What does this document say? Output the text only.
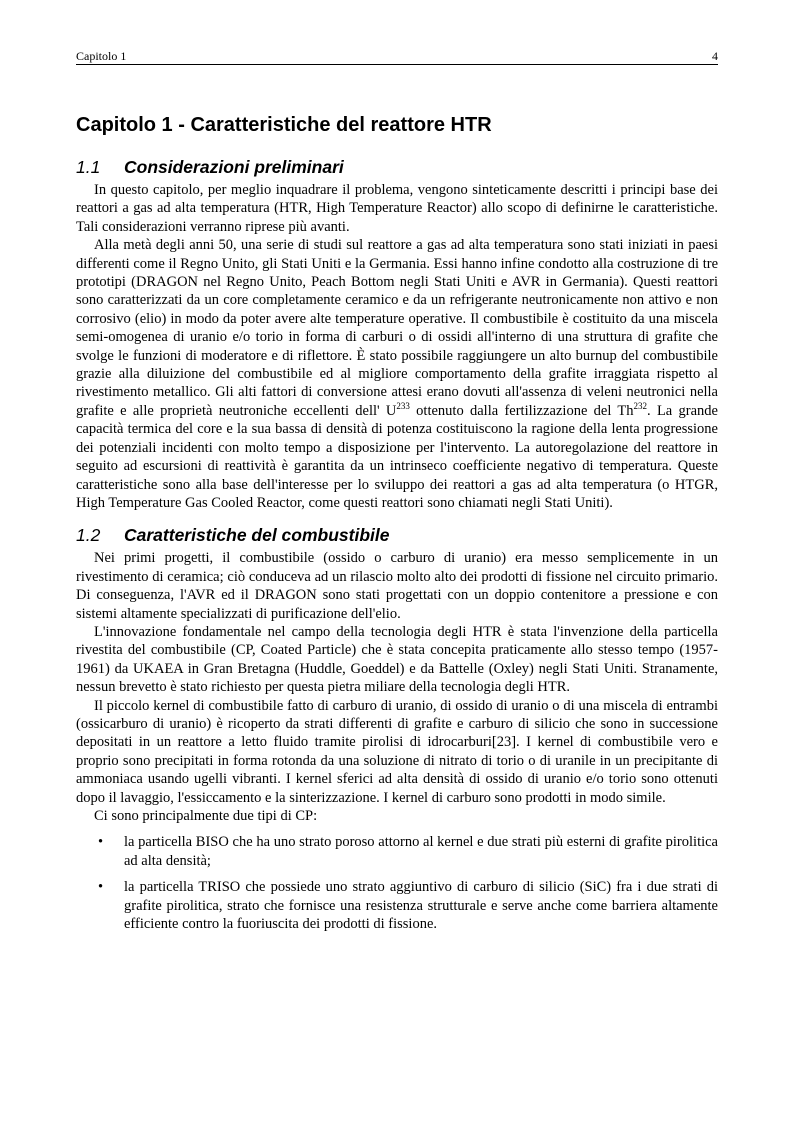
Capitolo 1	4
Capitolo 1 - Caratteristiche del reattore HTR
1.1 Considerazioni preliminari

In questo capitolo, per meglio inquadrare il problema, vengono sinteticamente descritti i principi base dei reattori a gas ad alta temperatura (HTR, High Temperature Reactor) allo scopo di definirne le caratteristiche. Tali considerazioni verranno riprese più avanti.

Alla metà degli anni 50, una serie di studi sul reattore a gas ad alta temperatura sono stati iniziati in paesi differenti come il Regno Unito, gli Stati Uniti e la Germania. Essi hanno infine condotto alla costruzione di tre prototipi (DRAGON nel Regno Unito, Peach Bottom negli Stati Uniti e AVR in Germania). Questi reattori sono caratterizzati da un core completamente ceramico e da un refrigerante neutronicamente non attivo e non corrosivo (elio) in modo da poter avere alte temperature operative. Il combustibile è costituito da una miscela semi-omogenea di uranio e/o torio in forma di carburi o di ossidi all'interno di una struttura di grafite che svolge le funzioni di moderatore e di riflettore. È stato possibile raggiungere un alto burnup del combustibile grazie alla diluizione del combustibile ed al migliore comportamento della grafite irraggiata rispetto al rivestimento metallico. Gli alti fattori di conversione attesi erano dovuti all'assenza di veleni neutronici nella grafite e alle proprietà neutroniche eccellenti dell' $U^{233}$ ottenuto dalla fertilizzazione del Th$^{232}$. La grande capacità termica del core e la sua bassa di densità di potenza costituiscono la ragione della lenta progressione dei potenziali incidenti con molto tempo a disposizione per l'intervento. La autoregolazione del reattore in seguito ad escursioni di reattività è garantita da un intrinseco coefficiente negativo di temperatura. Queste caratteristiche sono alla base dell'interesse per lo sviluppo dei reattori a gas ad alta temperatura (o HTGR, High Temperature Gas Cooled Reactor, come questi reattori sono chiamati negli Stati Uniti).

1.2 Caratteristiche del combustibile

Nei primi progetti, il combustibile (ossido o carburo di uranio) era messo semplicemente in un rivestimento di ceramica; ciò conduceva ad un rilascio molto alto dei prodotti di fissione nel circuito primario. Di conseguenza, l'AVR ed il DRAGON sono stati progettati con un doppio contenitore a pressione e con sistemi altamente specializzati di purificazione dell'elio.

L'innovazione fondamentale nel campo della tecnologia degli HTR è stata l'invenzione della particella rivestita del combustibile (CP, Coated Particle) che è stata concepita praticamente allo stesso tempo (1957-1961) da UKAEA in Gran Bretagna (Huddle, Goeddel) e da Battelle (Oxley) negli Stati Uniti. Stranamente, nessun brevetto è stato richiesto per questa pietra miliare della tecnologia degli HTR.

Il piccolo kernel di combustibile fatto di carburo di uranio, di ossido di uranio o di una miscela di entrambi (ossicarburo di uranio) è ricoperto da strati differenti di grafite e carburo di silicio che sono in successione depositati in un reattore a letto fluido tramite pirolisi di idrocarburi[23]. I kernel di combustibile vero e proprio sono precipitati in forma rotonda da una soluzione di nitrato di torio o di uranile in un precipitante di ammoniaca usando ugelli vibranti. I kernel sferici ad alta densità di ossido di uranio e/o torio sono ottenuti dopo il lavaggio, l'essiccamento e la sinterizzazione. I kernel di carburo sono prodotti in modo simile.

Ci sono principalmente due tipi di CP:

• la particella BISO che ha uno strato poroso attorno al kernel e due strati più esterni di grafite pirolitica ad alta densità;
• la particella TRISO che possiede uno strato aggiuntivo di carburo di silicio (SiC) fra i due strati di grafite pirolitica, strato che fornisce una resistenza strutturale e serve anche come barriera altamente efficiente contro la fuoriuscita dei prodotti di fissione.
